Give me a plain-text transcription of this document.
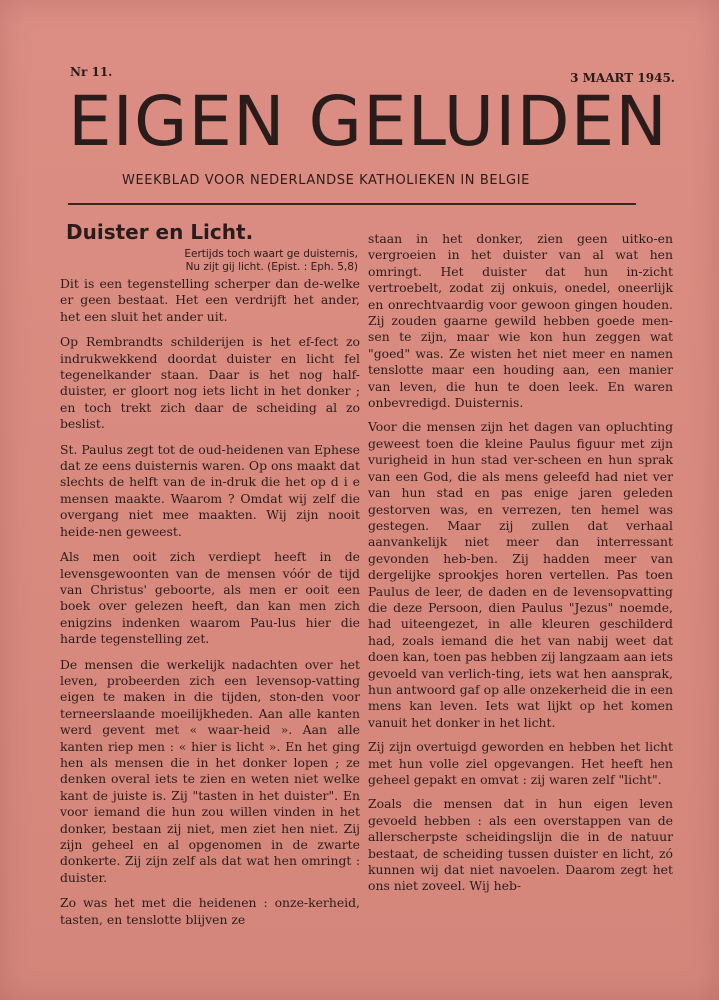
Nr 11.	3 MAART 1945.
EIGEN GELUIDEN
WEEKBLAD VOOR NEDERLANDSE KATHOLIEKEN IN BELGIE
Duister en Licht.
Eertijds toch waart ge duisternis,
Nu zijt gij licht. (Epist. : Eph. 5,8)

Dit is een tegenstelling scherper dan de-welke er geen bestaat. Het een verdrijft het ander, het een sluit het ander uit.

Op Rembrandts schilderijen is het ef-fect zo indrukwekkend doordat duister en licht fel tegenelkander staan. Daar is het nog half-duister, er gloort nog iets licht in het donker ; en toch trekt zich daar de scheiding al zo beslist.

St. Paulus zegt tot de oud-heidenen van Ephese dat ze eens duisternis waren. Op ons maakt dat slechts de helft van de in-druk die het op d i e mensen maakte. Waarom ? Omdat wij zelf die overgang niet mee maakten. Wij zijn nooit heide-nen geweest.

Als men ooit zich verdiept heeft in de levensgewoonten van de mensen vóór de tijd van Christus' geboorte, als men er ooit een boek over gelezen heeft, dan kan men zich enigzins indenken waarom Pau-lus hier die harde tegenstelling zet.

De mensen die werkelijk nadachten over het leven, probeerden zich een levensop-vatting eigen te maken in die tijden, ston-den voor terneerslaande moeilijkheden. Aan alle kanten werd gevent met « waar-heid ». Aan alle kanten riep men : « hier is licht ». En het ging hen als mensen die in het donker lopen ; ze denken overal iets te zien en weten niet welke kant de juiste is. Zij "tasten in het duister". En voor iemand die hun zou willen vinden in het donker, bestaan zij niet, men ziet hen niet. Zij zijn geheel en al opgenomen in de zwarte donkerte. Zij zijn zelf als dat wat hen omringt : duister.

Zo was het met die heidenen : onze-kerheid, tasten, en tenslotte blijven ze

staan in het donker, zien geen uitko-en vergroeien in het duister van al wat hen omringt. Het duister dat hun in-zicht vertroebelt, zodat zij onkuis, onedel, oneerlijk en onrechtvaardig voor gewoon gingen houden. Zij zouden gaarne gewild hebben goede men-sen te zijn, maar wie kon hun zeggen wat "goed" was. Ze wisten het niet meer en namen tenslotte maar een houding aan, een manier van leven, die hun te doen leek. En waren onbevredigd. Duisternis.

Voor die mensen zijn het dagen van opluchting geweest toen die kleine Paulus figuur met zijn vurigheid in hun stad ver-scheen en hun sprak van een God, die als mens geleefd had niet ver van hun stad en pas enige jaren geleden gestorven was, en verrezen, ten hemel was gestegen. Maar zij zullen dat verhaal aanvankelijk niet meer dan interressant gevonden heb-ben. Zij hadden meer van dergelijke sprookjes horen vertellen. Pas toen Paulus de leer, de daden en de levensopvatting die deze Persoon, dien Paulus "Jezus" noemde, had uiteengezet, in alle kleuren geschilderd had, zoals iemand die het van nabij weet dat doen kan, toen pas hebben zij langzaam aan iets gevoeld van verlich-ting, iets wat hen aansprak, hun antwoord gaf op alle onzekerheid die in een mens kan leven. Iets wat lijkt op het komen vanuit het donker in het licht.

Zij zijn overtuigd geworden en hebben het licht met hun volle ziel opgevangen. Het heeft hen geheel gepakt en omvat : zij waren zelf "licht".

Zoals die mensen dat in hun eigen leven gevoeld hebben : als een overstappen van de allerscherpste scheidingslijn die in de natuur bestaat, de scheiding tussen duister en licht, zó kunnen wij dat niet navoelen. Daarom zegt het ons niet zoveel. Wij heb-
